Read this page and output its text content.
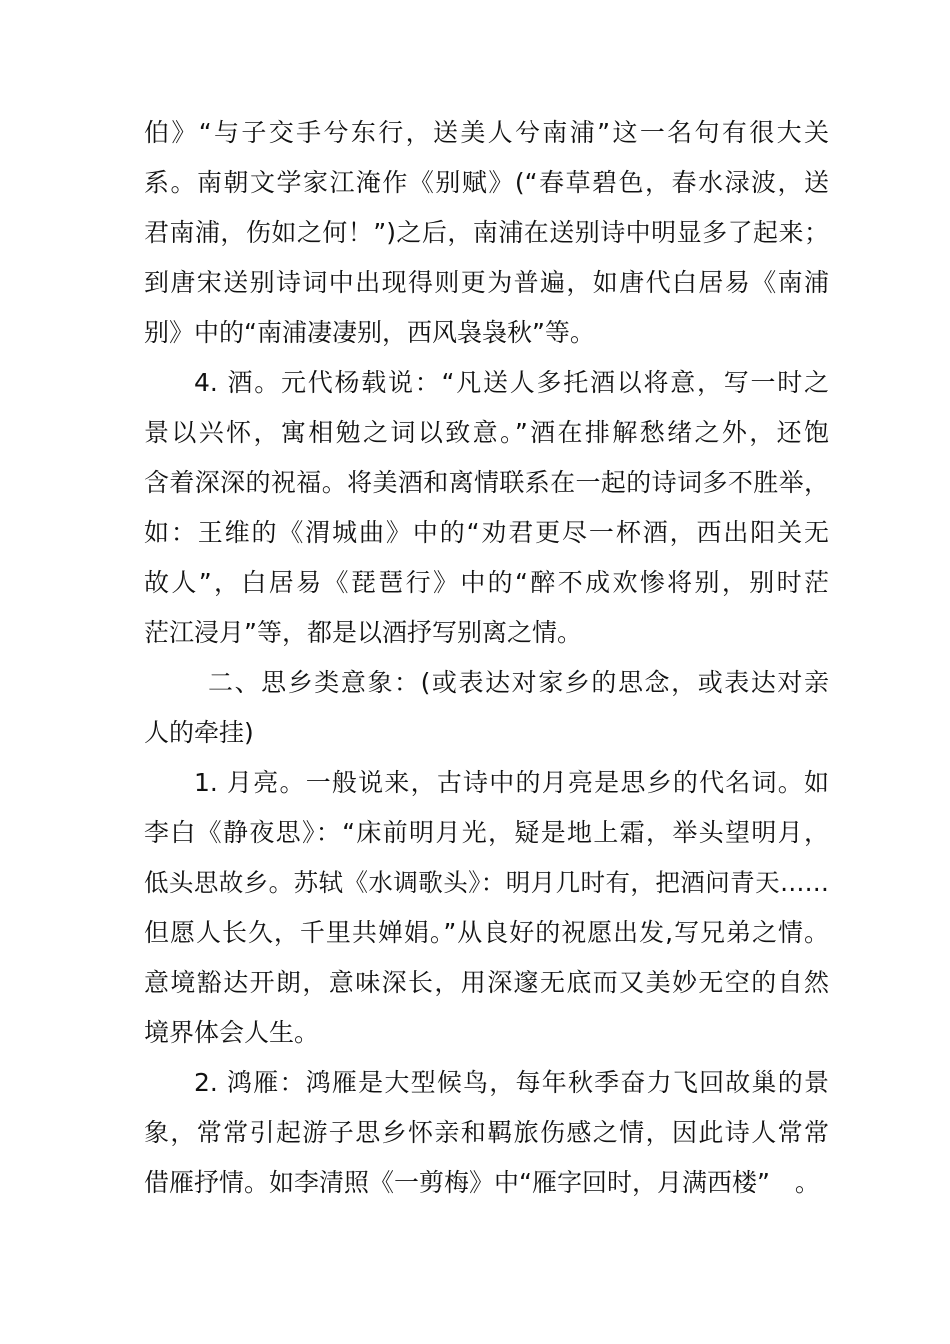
伯》“与子交手兮东行，送美人兮南浦”这一名句有很大关
系。南朝文学家江淹作《别赋》(“春草碧色，春水渌波，送
君南浦，伤如之何！”)之后，南浦在送别诗中明显多了起来；
到唐宋送别诗词中出现得则更为普遍，如唐代白居易《南浦
别》中的“南浦凄凄别，西风袅袅秋”等。
4. 酒。元代杨载说：“凡送人多托酒以将意，写一时之
景以兴怀，寓相勉之词以致意。”酒在排解愁绪之外，还饱
含着深深的祝福。将美酒和离情联系在一起的诗词多不胜举，
如：王维的《渭城曲》中的“劝君更尽一杯酒，西出阳关无
故人”，白居易《琵琶行》中的“醉不成欢惨将别，别时茫
茫江浸月”等，都是以酒抒写别离之情。
二、思乡类意象：(或表达对家乡的思念，或表达对亲
人的牵挂)
1. 月亮。一般说来，古诗中的月亮是思乡的代名词。如
李白《静夜思》：“床前明月光，疑是地上霜，举头望明月，
低头思故乡。苏轼《水调歌头》：明月几时有，把酒问青天……
但愿人长久，千里共婵娟。”从良好的祝愿出发,写兄弟之情。
意境豁达开朗，意味深长，用深邃无底而又美妙无空的自然
境界体会人生。
2. 鸿雁：鸿雁是大型候鸟，每年秋季奋力飞回故巢的景
象，常常引起游子思乡怀亲和羁旅伤感之情，因此诗人常常
借雁抒情。如李清照《一剪梅》中“雁字回时，月满西楼”　。
